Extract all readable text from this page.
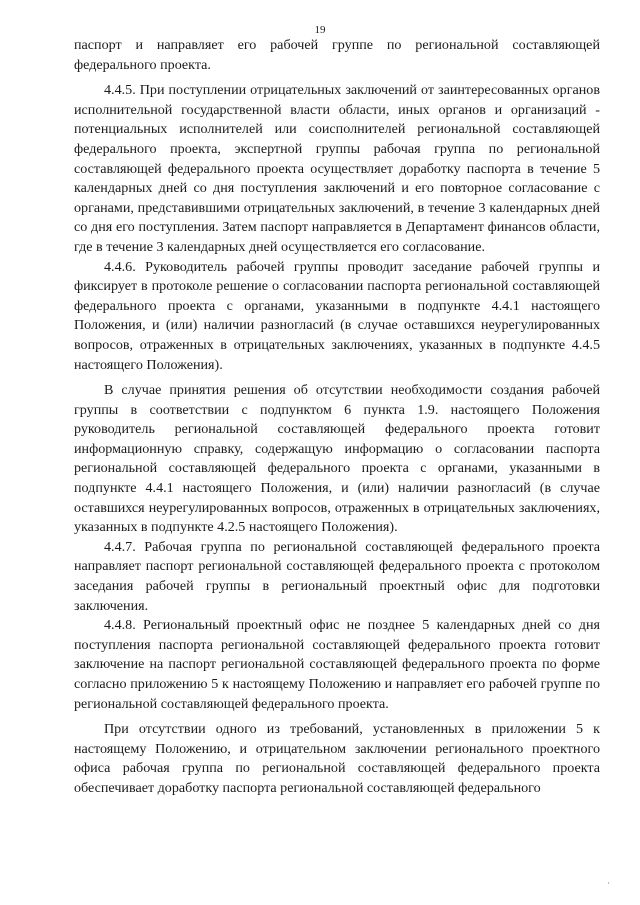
19

паспорт и направляет его рабочей группе по региональной составляющей федерального проекта.

4.4.5. При поступлении отрицательных заключений от заинтересованных органов исполнительной государственной власти области, иных органов и организаций - потенциальных исполнителей или соисполнителей региональной составляющей федерального проекта, экспертной группы рабочая группа по региональной составляющей федерального проекта осуществляет доработку паспорта в течение 5 календарных дней со дня поступления заключений и его повторное согласование с органами, представившими отрицательных заключений, в течение 3 календарных дней со дня его поступления. Затем паспорт направляется в Департамент финансов области, где в течение 3 календарных дней осуществляется его согласование.

4.4.6. Руководитель рабочей группы проводит заседание рабочей группы и фиксирует в протоколе решение о согласовании паспорта региональной составляющей федерального проекта с органами, указанными в подпункте 4.4.1 настоящего Положения, и (или) наличии разногласий (в случае оставшихся неурегулированных вопросов, отраженных в отрицательных заключениях, указанных в подпункте 4.4.5 настоящего Положения).

В случае принятия решения об отсутствии необходимости создания рабочей группы в соответствии с подпунктом 6 пункта 1.9. настоящего Положения руководитель региональной составляющей федерального проекта готовит информационную справку, содержащую информацию о согласовании паспорта региональной составляющей федерального проекта с органами, указанными в подпункте 4.4.1 настоящего Положения, и (или) наличии разногласий (в случае оставшихся неурегулированных вопросов, отраженных в отрицательных заключениях, указанных в подпункте 4.2.5 настоящего Положения).

4.4.7. Рабочая группа по региональной составляющей федерального проекта направляет паспорт региональной составляющей федерального проекта с протоколом заседания рабочей группы в региональный проектный офис для подготовки заключения.

4.4.8. Региональный проектный офис не позднее 5 календарных дней со дня поступления паспорта региональной составляющей федерального проекта готовит заключение на паспорт региональной составляющей федерального проекта по форме согласно приложению 5 к настоящему Положению и направляет его рабочей группе по региональной составляющей федерального проекта.

При отсутствии одного из требований, установленных в приложении 5 к настоящему Положению, и отрицательном заключении регионального проектного офиса рабочая группа по региональной составляющей федерального проекта обеспечивает доработку паспорта региональной составляющей федерального

·
